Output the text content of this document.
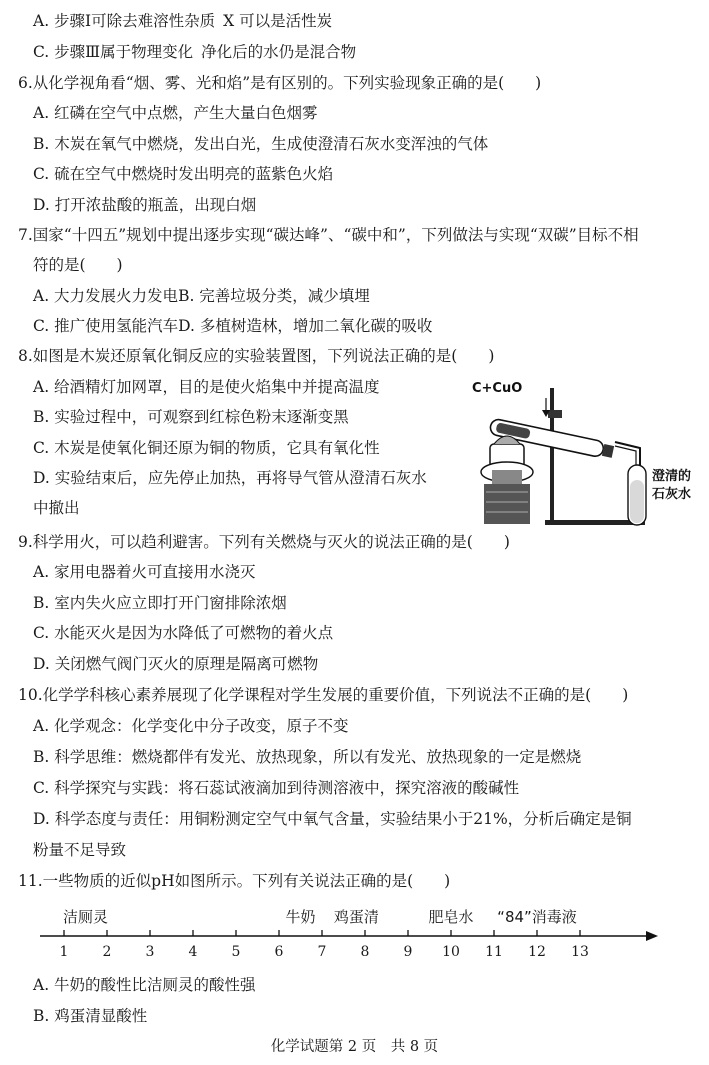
A. 步骤Ⅰ可除去难溶性杂质 X 可以是活性炭
C. 步骤Ⅲ属于物理变化 净化后的水仍是混合物
6.从化学视角看“烟、雾、光和焰”是有区别的。下列实验现象正确的是(　　)
A. 红磷在空气中点燃，产生大量白色烟雾
B. 木炭在氧气中燃烧，发出白光，生成使澄清石灰水变浑浊的气体
C. 硫在空气中燃烧时发出明亮的蓝紫色火焰
D. 打开浓盐酸的瓶盖，出现白烟
7.国家“十四五”规划中提出逐步实现“碳达峰”、“碳中和”，下列做法与实现“双碳”目标不相
符的是(　　)
A. 大力发展火力发电B. 完善垃圾分类，减少填埋
C. 推广使用氢能汽车D. 多植树造林，增加二氧化碳的吸收
8.如图是木炭还原氧化铜反应的实验装置图，下列说法正确的是(　　)
A. 给酒精灯加网罩，目的是使火焰集中并提高温度
B. 实验过程中，可观察到红棕色粉末逐渐变黑
C. 木炭是使氧化铜还原为铜的物质，它具有氧化性
D. 实验结束后，应先停止加热，再将导气管从澄清石灰水
中撤出
C+CuO
澄清的
石灰水
9.科学用火，可以趋利避害。下列有关燃烧与灭火的说法正确的是(　　)
A. 家用电器着火可直接用水浇灭
B. 室内失火应立即打开门窗排除浓烟
C. 水能灭火是因为水降低了可燃物的着火点
D. 关闭燃气阀门灭火的原理是隔离可燃物
10.化学学科核心素养展现了化学课程对学生发展的重要价值，下列说法不正确的是(　　)
A. 化学观念：化学变化中分子改变，原子不变
B. 科学思维：燃烧都伴有发光、放热现象，所以有发光、放热现象的一定是燃烧
C. 科学探究与实践：将石蕊试液滴加到待测溶液中，探究溶液的酸碱性
D. 科学态度与责任：用铜粉测定空气中氧气含量，实验结果小于21%，分析后确定是铜
粉量不足导致
11.一些物质的近似pH如图所示。下列有关说法正确的是(　　)
1 2 3 4 5 6 7 8 9 10 11 12 13
洁厕灵	牛奶 鸡蛋清	肥皂水 “84”消毒液
A. 牛奶的酸性比洁厕灵的酸性强
B. 鸡蛋清显酸性
化学试题第 2 页　共 8 页
